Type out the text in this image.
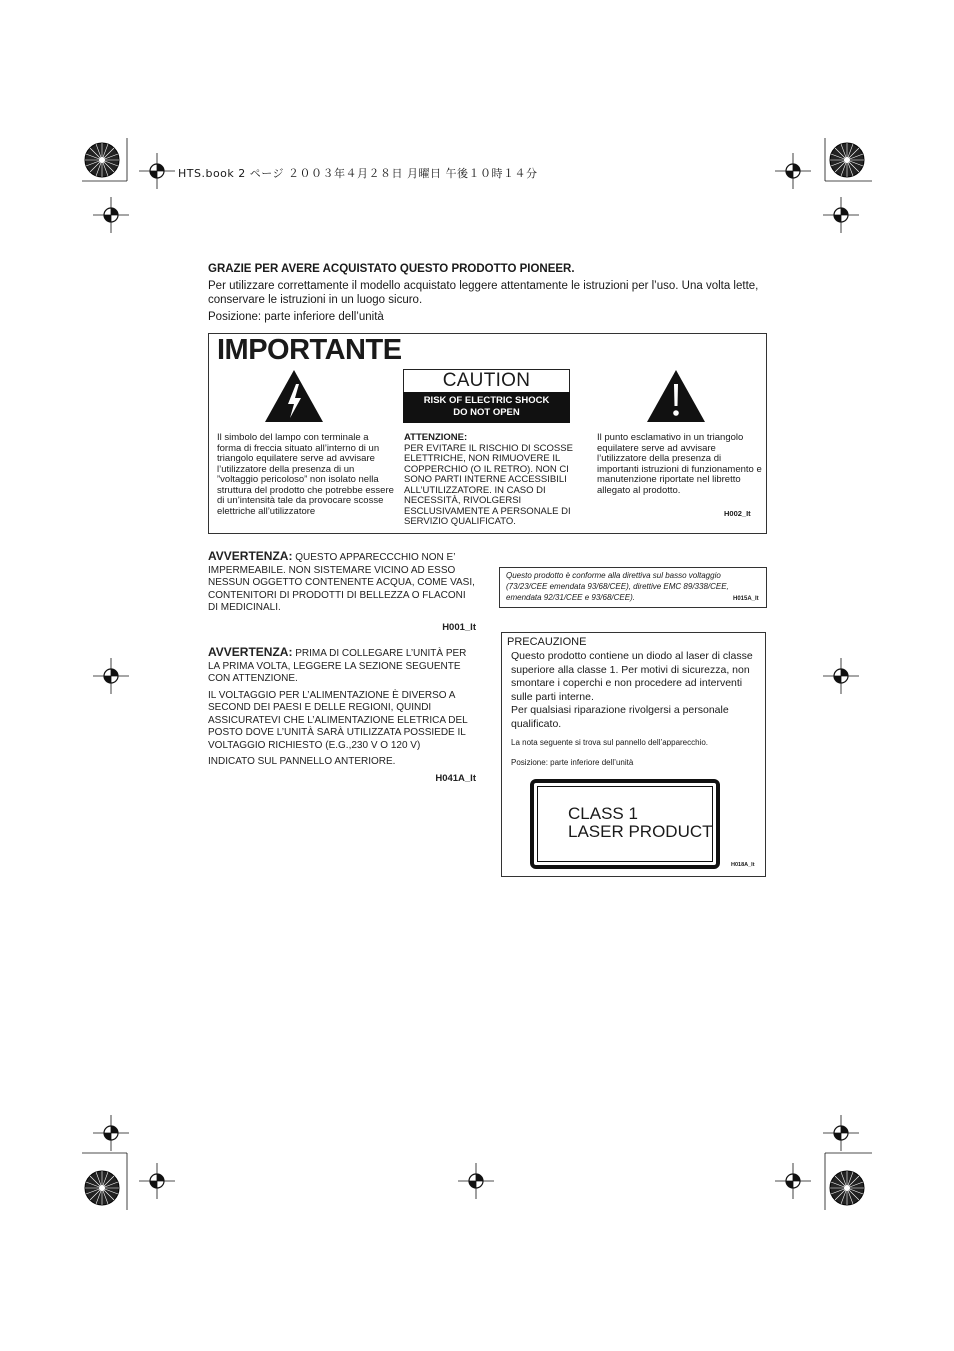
HTS.book 2 ページ ２００３年４月２８日 月曜日 午後１０時１４分
GRAZIE PER AVERE ACQUISTATO QUESTO PRODOTTO PIONEER.
Per utilizzare correttamente il modello acquistato leggere attentamente le istruzioni per l’uso. Una volta lette, conservare le istruzioni in un luogo sicuro.
Posizione: parte inferiore dell’unità
IMPORTANTE
CAUTION
RISK OF ELECTRIC SHOCK
DO NOT OPEN
Il simbolo del lampo con terminale a forma di freccia situato all’interno di un triangolo equilatere serve ad avvisare l’utilizzatore della presenza di un ”voltaggio pericoloso” non isolato nella struttura del prodotto che potrebbe essere di un’intensità tale da provocare scosse elettriche all’utilizzatore
ATTENZIONE:
PER EVITARE IL RISCHIO DI SCOSSE ELETTRICHE, NON RIMUOVERE IL COPPERCHIO (O IL RETRO). NON CI SONO PARTI INTERNE ACCESSIBILI ALL’UTILIZZATORE. IN CASO DI NECESSITÀ, RIVOLGERSI ESCLUSIVAMENTE A PERSONALE DI SERVIZIO QUALIFICATO.
Il punto esclamativo in un triangolo equilatere serve ad avvisare l’utilizzatore della presenza di importanti istruzioni di funzionamento e manutenzione riportate nel libretto allegato al prodotto.
H002_It
AVVERTENZA: QUESTO APPARECCCHIO NON E’ IMPERMEABILE. NON SISTEMARE VICINO AD ESSO NESSUN OGGETTO CONTENENTE ACQUA, COME VASI, CONTENITORI DI PRODOTTI DI BELLEZZA O FLACONI DI MEDICINALI.
H001_It
AVVERTENZA: PRIMA DI COLLEGARE L’UNITÀ PER LA PRIMA VOLTA, LEGGERE LA SEZIONE SEGUENTE CON ATTENZIONE.
IL VOLTAGGIO PER L’ALIMENTAZIONE È DIVERSO A SECOND DEI PAESI E DELLE REGIONI, QUINDI ASSICURATEVI CHE L’ALIMENTAZIONE ELETRICA DEL POSTO DOVE L’UNITÀ SARÀ UTILIZZATA POSSIEDE IL VOLTAGGIO RICHIESTO (E.G.,230 V O 120 V)
INDICATO SUL PANNELLO ANTERIORE.
H041A_It
Questo prodotto è conforme alla direttiva sul basso voltaggio (73/23/CEE emendata 93/68/CEE), direttive EMC 89/338/CEE, emendata 92/31/CEE e 93/68/CEE).	H015A_It
PRECAUZIONE
Questo prodotto contiene un diodo al laser di classe superiore alla classe 1. Per motivi di sicurezza, non smontare i coperchi e non procedere ad interventi sulle parti interne.
Per qualsiasi riparazione rivolgersi a personale qualificato.
La nota seguente si trova sul pannello dell’apparecchio.
Posizione: parte inferiore dell’unità
CLASS 1
LASER PRODUCT
H018A_It
